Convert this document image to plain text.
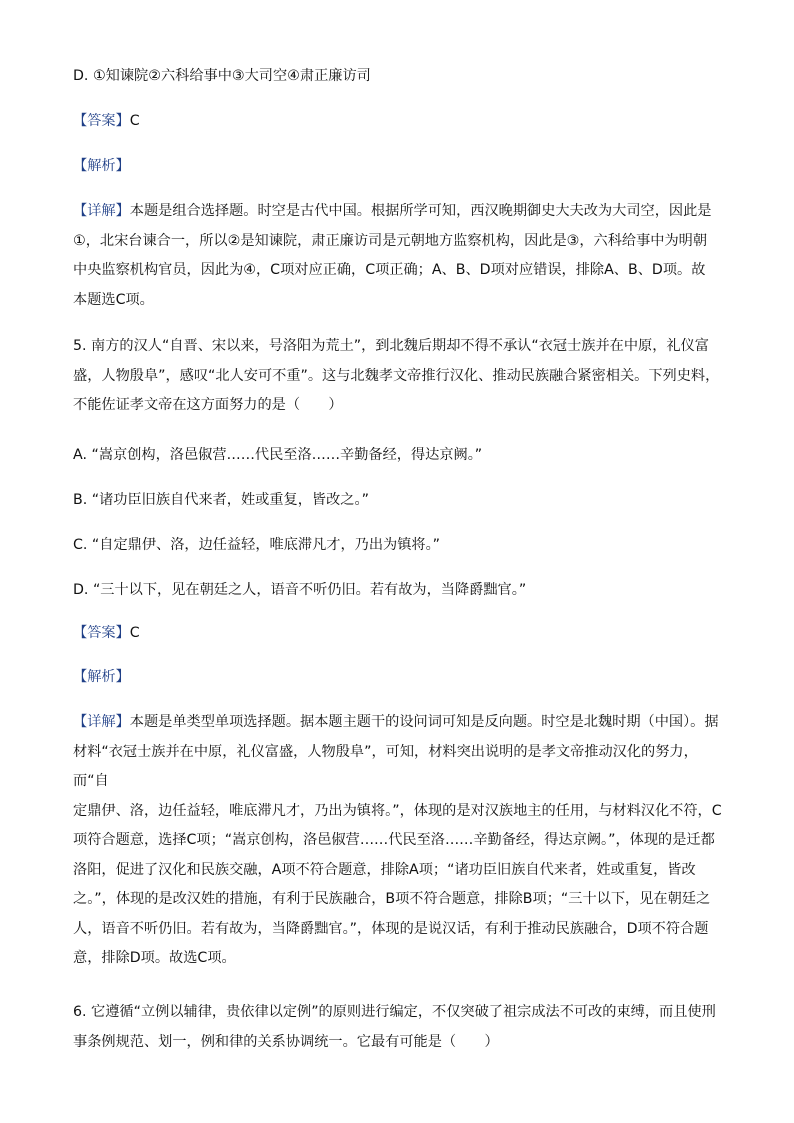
D. ①知谏院②六科给事中③大司空④肃正廉访司

【答案】C

【解析】

【详解】本题是组合选择题。时空是古代中国。根据所学可知，西汉晚期御史大夫改为大司空，因此是

①，北宋台谏合一，所以②是知谏院，肃正廉访司是元朝地方监察机构，因此是③，六科给事中为明朝

中央监察机构官员，因此为④，C项对应正确，C项正确；A、B、D项对应错误，排除A、B、D项。故

本题选C项。

5. 南方的汉人“自晋、宋以来，号洛阳为荒土”，到北魏后期却不得不承认“衣冠士族并在中原，礼仪富

盛，人物殷阜”，感叹“北人安可不重”。这与北魏孝文帝推行汉化、推动民族融合紧密相关。下列史料，

不能佐证孝文帝在这方面努力的是（　　）

A. “嵩京创构，洛邑俶营……代民至洛……辛勤备经，得达京阙。”

B. “诸功臣旧族自代来者，姓或重复，皆改之。”

C. “自定鼎伊、洛，边任益轻，唯底滞凡才，乃出为镇将。”

D. “三十以下，见在朝廷之人，语音不听仍旧。若有故为，当降爵黜官。”

【答案】C

【解析】

【详解】本题是单类型单项选择题。据本题主题干的设问词可知是反向题。时空是北魏时期（中国）。据

材料“衣冠士族并在中原，礼仪富盛，人物殷阜”，可知，材料突出说明的是孝文帝推动汉化的努力，而“自

定鼎伊、洛，边任益轻，唯底滞凡才，乃出为镇将。”，体现的是对汉族地主的任用，与材料汉化不符，C

项符合题意，选择C项；“嵩京创构，洛邑俶营……代民至洛……辛勤备经，得达京阙。”，体现的是迁都

洛阳，促进了汉化和民族交融，A项不符合题意，排除A项；“诸功臣旧族自代来者，姓或重复，皆改

之。”，体现的是改汉姓的措施，有利于民族融合，B项不符合题意，排除B项；“三十以下，见在朝廷之

人，语音不听仍旧。若有故为，当降爵黜官。”，体现的是说汉话，有利于推动民族融合，D项不符合题

意，排除D项。故选C项。

6. 它遵循“立例以辅律，贵依律以定例”的原则进行编定，不仅突破了祖宗成法不可改的束缚，而且使刑

事条例规范、划一，例和律的关系协调统一。它最有可能是（　　）
